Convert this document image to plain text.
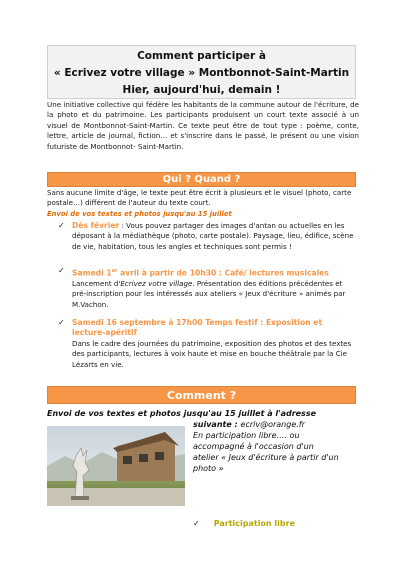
Comment participer à
« Ecrivez votre village » Montbonnot-Saint-Martin
Hier, aujourd'hui, demain !
Une initiative collective qui fédère les habitants de la commune autour de l'écriture, de la photo et du patrimoine. Les participants produisent un court texte associé à un visuel de Montbonnot-Saint-Martin. Ce texte peut être de tout type : poème, conte, lettre, article de journal, fiction… et s'inscrire dans le passé, le présent ou une vision futuriste de Montbonnot- Saint-Martin.
Qui ? Quand ?
Sans aucune limite d'âge, le texte peut être écrit à plusieurs et le visuel (photo, carte postale…) différent de l'auteur du texte court.
Envoi de vos textes et photos jusqu'au 15 juillet
✓ Dès février : Vous pouvez partager des images d'antan ou actuelles en les déposant à la médiathèque (photo, carte postale). Paysage, lieu, édifice, scène de vie, habitation, tous les angles et techniques sont permis !
✓ Samedi 1er avril à partir de 10h30 : Café/ lectures musicales
Lancement d'Ecrivez votre village. Présentation des éditions précédentes et pré-inscription pour les intéressés aux ateliers « Jeux d'écriture » animés par M.Vachon.
✓ Samedi 16 septembre à 17h00 Temps festif : Exposition et lecture-apéritif
Dans le cadre des journées du patrimoine, exposition des photos et des textes des participants, lectures à voix haute et mise en bouche théâtrale par la Cie Lézarts en vie.
Comment ?
Envoi de vos textes et photos jusqu'au 15 juillet à l'adresse
suivante : ecriv@orange.fr
En participation libre…. ou
accompagné à l'occasion d'un
atelier « Jeux d'écriture à partir d'un
photo »
✓ Participation libre
